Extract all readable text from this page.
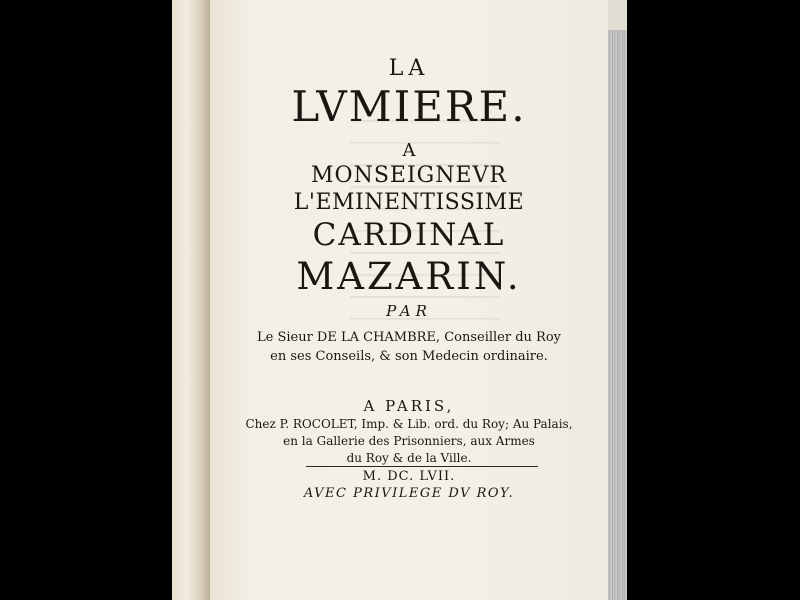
LA
LVMIERE.
A
MONSEIGNEVR
L'EMINENTISSIME
CARDINAL
MAZARIN.
PAR
Le Sieur DE LA CHAMBRE, Conseiller du Roy
en ses Conseils, & son Medecin ordinaire.
A PARIS,
Chez P. ROCOLET, Imp. & Lib. ord. du Roy; Au Palais,
en la Gallerie des Prisonniers, aux Armes
du Roy & de la Ville.
M. DC. LVII.
AVEC PRIVILEGE DV ROY.
